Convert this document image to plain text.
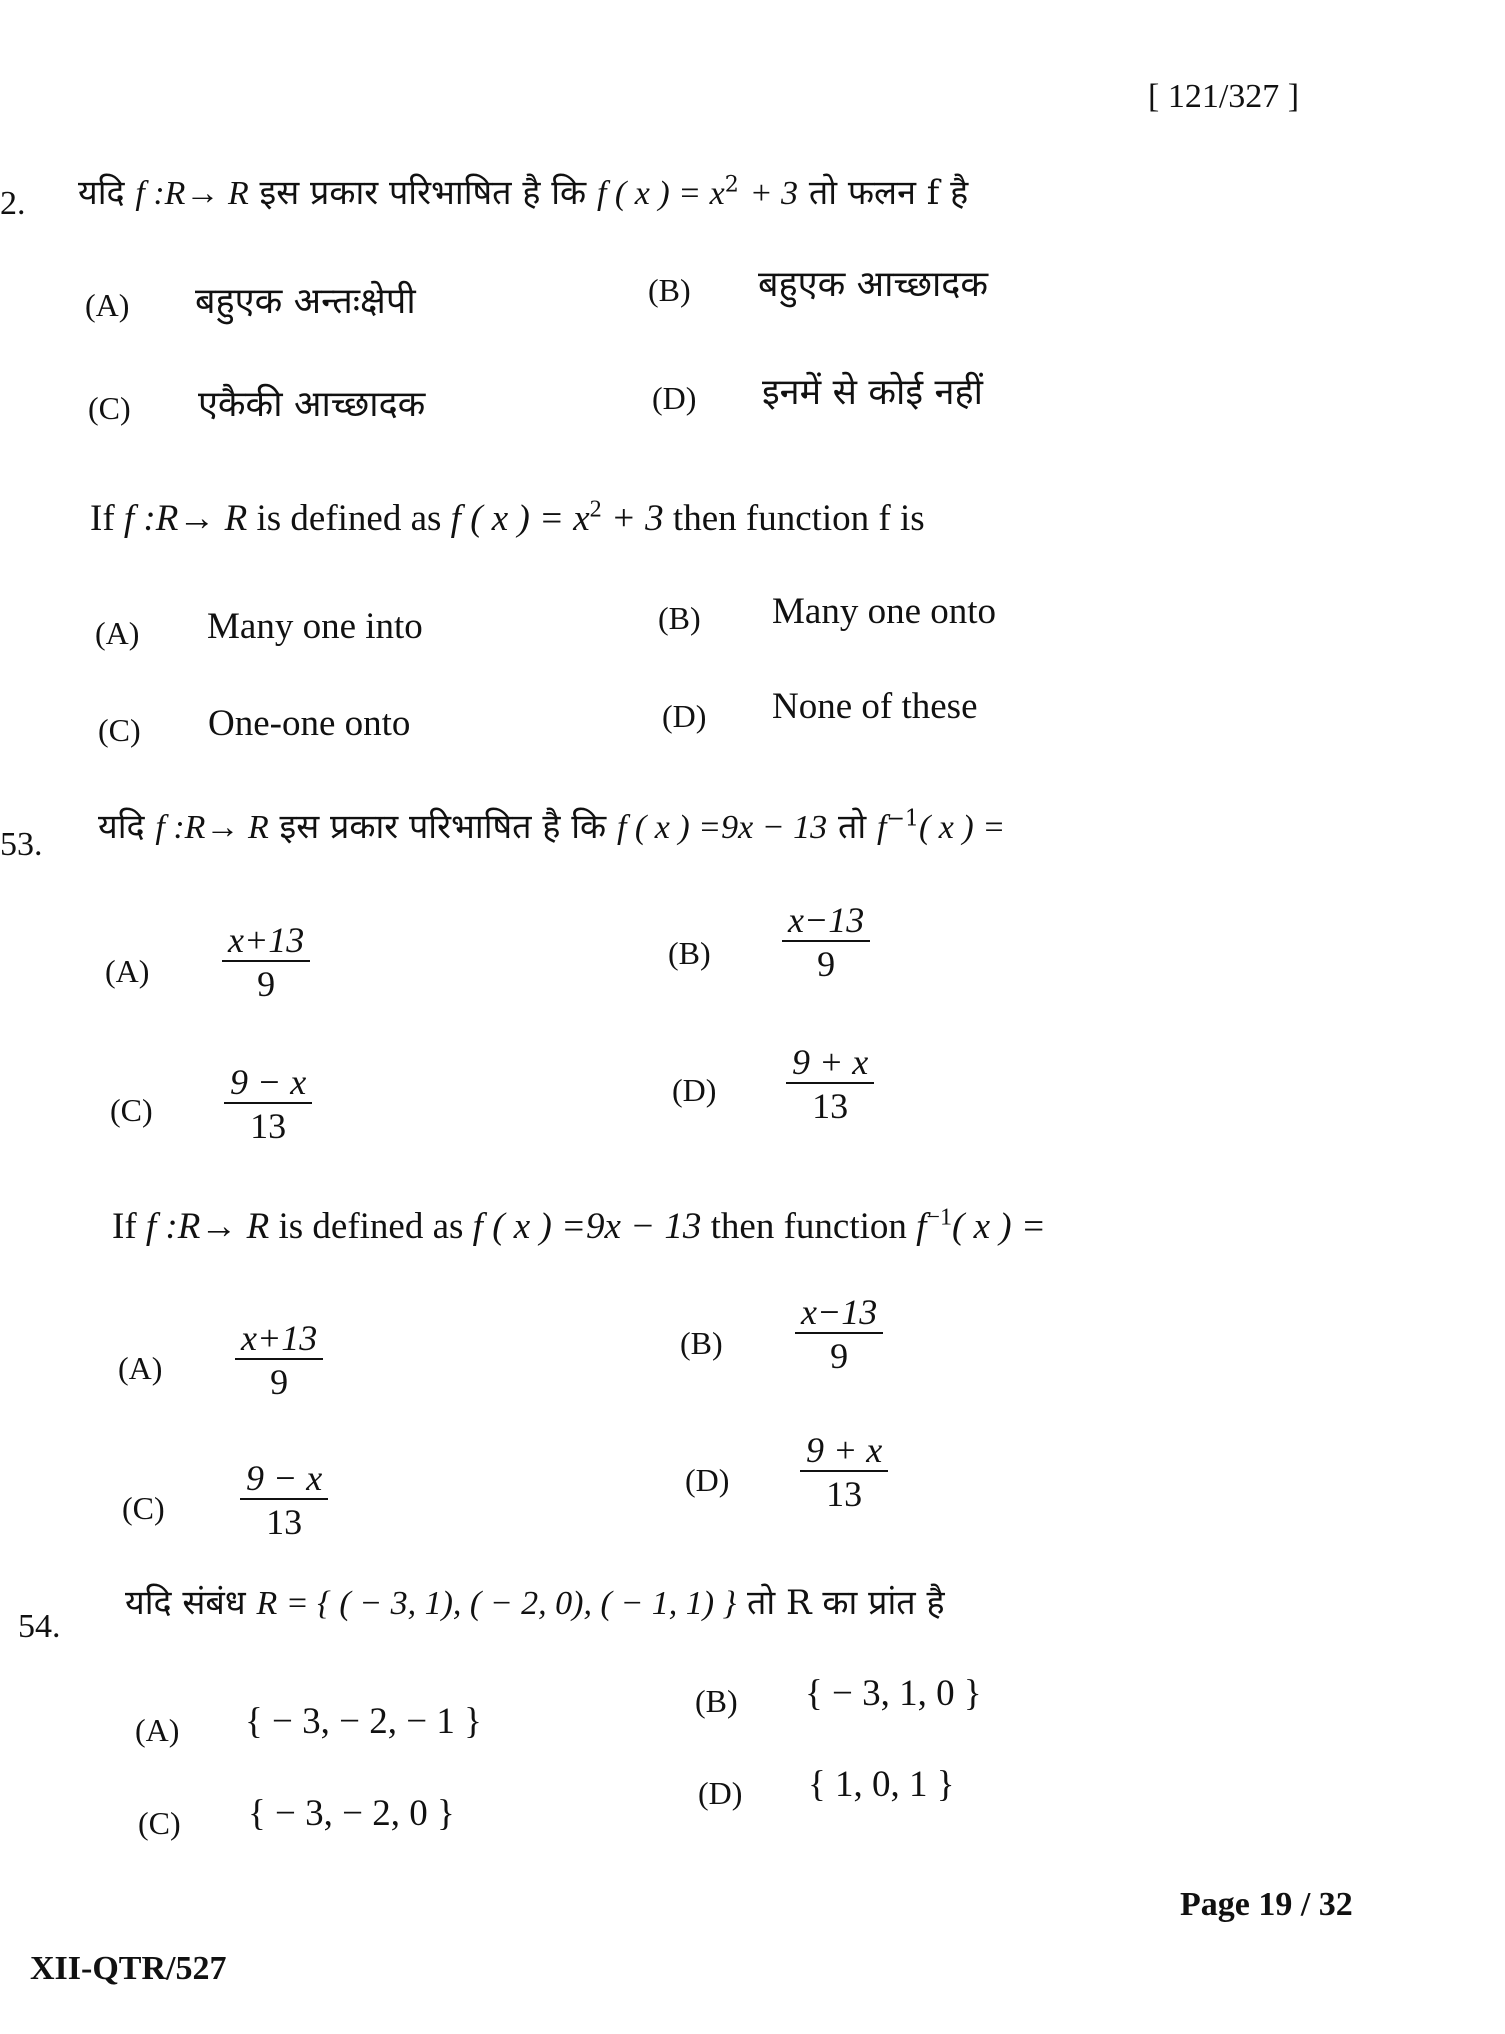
[ 121/327 ]
2. यदि f :R→ R इस प्रकार परिभाषित है कि f ( x ) = $x^2 + 3$ तो फलन f है
(A) बहुएक अन्तःक्षेपी	(B) बहुएक आच्छादक
(C) एकैकी आच्छादक	(D) इनमें से कोई नहीं
If f :R→ R is defined as f ( x ) = $x^2 + 3$ then function f is
(A) Many one into	(B) Many one onto
(C) One-one onto	(D) None of these
53. यदि f :R→ R इस प्रकार परिभाषित है कि f ( x ) =9x − 13 तो $f^{-1}$( x ) =
$(A) \frac{x+13}{9}$	$(B) \frac{x-13}{9}$
$(C) \frac{9 - x}{13}$	$(D) \frac{9 + x}{13}$
If f :R→ R is defined as f ( x ) =9x − 13 then function $f^{-1}$( x ) =
$(A) \frac{x+13}{9}$	$(B) \frac{x-13}{9}$
$(C) \frac{9 - x}{13}$	$(D) \frac{9 + x}{13}$
54.
यदि संबंध R = { ( − 3, 1), ( − 2, 0), ( − 1, 1) } तो R का प्रांत है
(A) { − 3, − 2, − 1 }	(B) { − 3, 1, 0 }
(C) { − 3, − 2, 0 }	(D) { 1, 0, 1 }
Page 19 / 32
XII-QTR/527
